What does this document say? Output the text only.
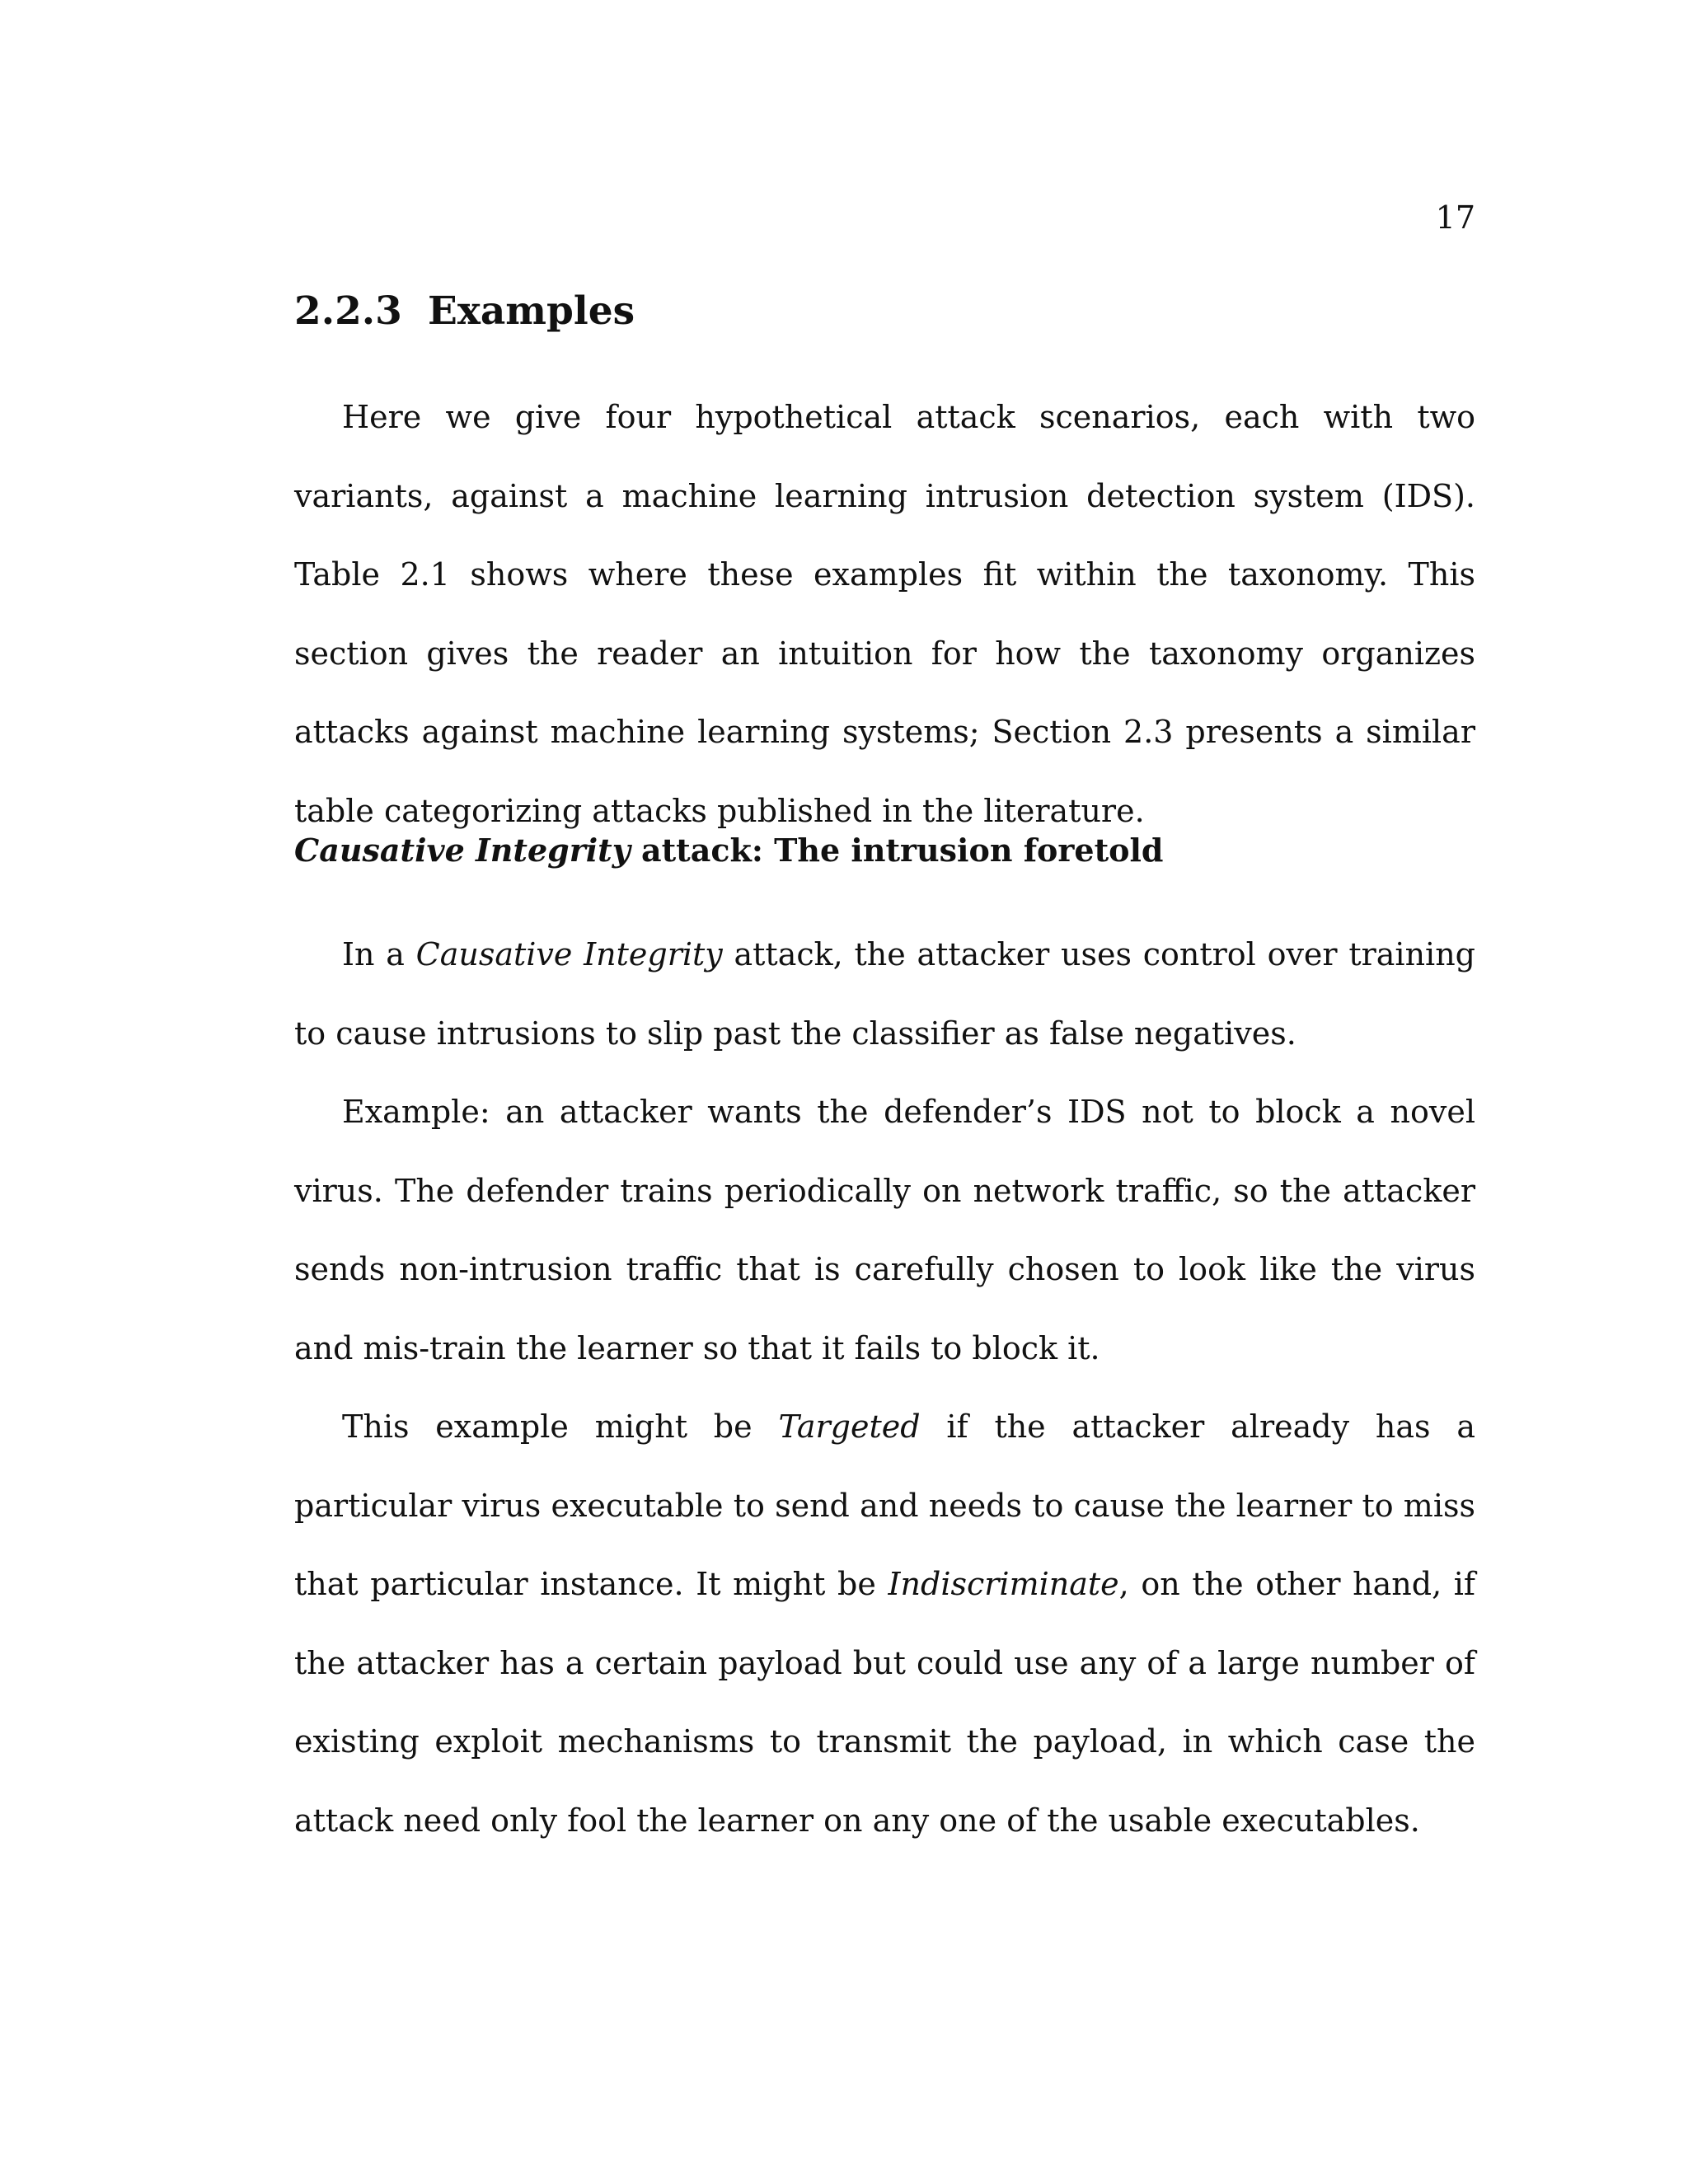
17
2.2.3 Examples

Here we give four hypothetical attack scenarios, each with two variants, against a machine learning intrusion detection system (IDS). Table 2.1 shows where these examples fit within the taxonomy. This section gives the reader an intuition for how the taxonomy organizes attacks against machine learning systems; Section 2.3 presents a similar table categorizing attacks published in the literature.

Causative Integrity attack: The intrusion foretold

In a Causative Integrity attack, the attacker uses control over training to cause intrusions to slip past the classifier as false negatives.

Example: an attacker wants the defender’s IDS not to block a novel virus. The defender trains periodically on network traffic, so the attacker sends non-intrusion traffic that is carefully chosen to look like the virus and mis-train the learner so that it fails to block it.

This example might be Targeted if the attacker already has a particular virus executable to send and needs to cause the learner to miss that particular instance. It might be Indiscriminate, on the other hand, if the attacker has a certain payload but could use any of a large number of existing exploit mechanisms to transmit the payload, in which case the attack need only fool the learner on any one of the usable executables.
